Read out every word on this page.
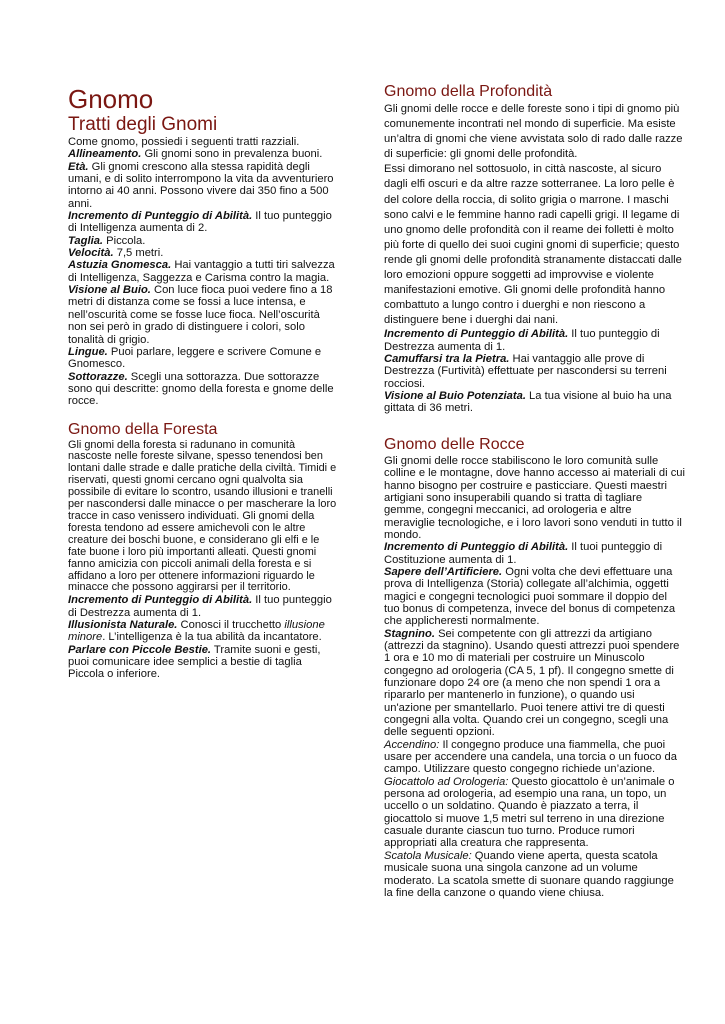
Gnomo
Tratti degli Gnomi

Come gnomo, possiedi i seguenti tratti razziali.

Allineamento. Gli gnomi sono in prevalenza buoni.

Età. Gli gnomi crescono alla stessa rapidità degli umani, e di solito interrompono la vita da avventuriero intorno ai 40 anni. Possono vivere dai 350 fino a 500 anni.

Incremento di Punteggio di Abilità. Il tuo punteggio di Intelligenza aumenta di 2.

Taglia. Piccola.

Velocità. 7,5 metri.

Astuzia Gnomesca. Hai vantaggio a tutti tiri salvezza di Intelligenza, Saggezza e Carisma contro la magia.

Visione al Buio. Con luce fioca puoi vedere fino a 18 metri di distanza come se fossi a luce intensa, e nell’oscurità come se fosse luce fioca. Nell’oscurità non sei però in grado di distinguere i colori, solo tonalità di grigio.

Lingue. Puoi parlare, leggere e scrivere Comune e Gnomesco.

Sottorazze. Scegli una sottorazza. Due sottorazze sono qui descritte: gnomo della foresta e gnome delle rocce.

Gnomo della Foresta

Gli gnomi della foresta si radunano in comunità nascoste nelle foreste silvane, spesso tenendosi ben lontani dalle strade e dalle pratiche della civiltà. Timidi e riservati, questi gnomi cercano ogni qualvolta sia possibile di evitare lo scontro, usando illusioni e tranelli per nascondersi dalle minacce o per mascherare la loro tracce in caso venissero individuati. Gli gnomi della foresta tendono ad essere amichevoli con le altre creature dei boschi buone, e considerano gli elfi e le fate buone i loro più importanti alleati. Questi gnomi fanno amicizia con piccoli animali della foresta e si affidano a loro per ottenere informazioni riguardo le minacce che possono aggirarsi per il territorio.

Incremento di Punteggio di Abilità. Il tuo punteggio di Destrezza aumenta di 1.

Illusionista Naturale. Conosci il trucchetto illusione minore. L’intelligenza è la tua abilità da incantatore.

Parlare con Piccole Bestie. Tramite suoni e gesti, puoi comunicare idee semplici a bestie di taglia Piccola o inferiore.

Gnomo della Profondità

Gli gnomi delle rocce e delle foreste sono i tipi di gnomo più comunemente incontrati nel mondo di superficie. Ma esiste un’altra di gnomi che viene avvistata solo di rado dalle razze di superficie: gli gnomi delle profondità.

Essi dimorano nel sottosuolo, in città nascoste, al sicuro dagli elfi oscuri e da altre razze sotterranee. La loro pelle è del colore della roccia, di solito grigia o marrone. I maschi sono calvi e le femmine hanno radi capelli grigi. Il legame di uno gnomo delle profondità con il reame dei folletti è molto più forte di quello dei suoi cugini gnomi di superficie; questo rende gli gnomi delle profondità stranamente distaccati dalle loro emozioni oppure soggetti ad improvvise e violente manifestazioni emotive. Gli gnomi delle profondità hanno combattuto a lungo contro i duerghi e non riescono a distinguere bene i duerghi dai nani.

Incremento di Punteggio di Abilità. Il tuo punteggio di Destrezza aumenta di 1.

Camuffarsi tra la Pietra. Hai vantaggio alle prove di Destrezza (Furtività) effettuate per nascondersi su terreni rocciosi.

Visione al Buio Potenziata. La tua visione al buio ha una gittata di 36 metri.

Gnomo delle Rocce

Gli gnomi delle rocce stabiliscono le loro comunità sulle colline e le montagne, dove hanno accesso ai materiali di cui hanno bisogno per costruire e pasticciare. Questi maestri artigiani sono insuperabili quando si tratta di tagliare gemme, congegni meccanici, ad orologeria e altre meraviglie tecnologiche, e i loro lavori sono venduti in tutto il mondo.

Incremento di Punteggio di Abilità. Il tuoi punteggio di Costituzione aumenta di 1.

Sapere dell’Artificiere. Ogni volta che devi effettuare una prova di Intelligenza (Storia) collegate all’alchimia, oggetti magici e congegni tecnologici puoi sommare il doppio del tuo bonus di competenza, invece del bonus di competenza che applicheresti normalmente.

Stagnino. Sei competente con gli attrezzi da artigiano (attrezzi da stagnino). Usando questi attrezzi puoi spendere 1 ora e 10 mo di materiali per costruire un Minuscolo congegno ad orologeria (CA 5, 1 pf). Il congegno smette di funzionare dopo 24 ore (a meno che non spendi 1 ora a ripararlo per mantenerlo in funzione), o quando usi un'azione per smantellarlo. Puoi tenere attivi tre di questi congegni alla volta. Quando crei un congegno, scegli una delle seguenti opzioni.

Accendino: Il congegno produce una fiammella, che puoi usare per accendere una candela, una torcia o un fuoco da campo. Utilizzare questo congegno richiede un’azione.

Giocattolo ad Orologeria: Questo giocattolo è un’animale o persona ad orologeria, ad esempio una rana, un topo, un uccello o un soldatino. Quando è piazzato a terra, il giocattolo si muove 1,5 metri sul terreno in una direzione casuale durante ciascun tuo turno. Produce rumori appropriati alla creatura che rappresenta.

Scatola Musicale: Quando viene aperta, questa scatola musicale suona una singola canzone ad un volume moderato. La scatola smette di suonare quando raggiunge la fine della canzone o quando viene chiusa.
